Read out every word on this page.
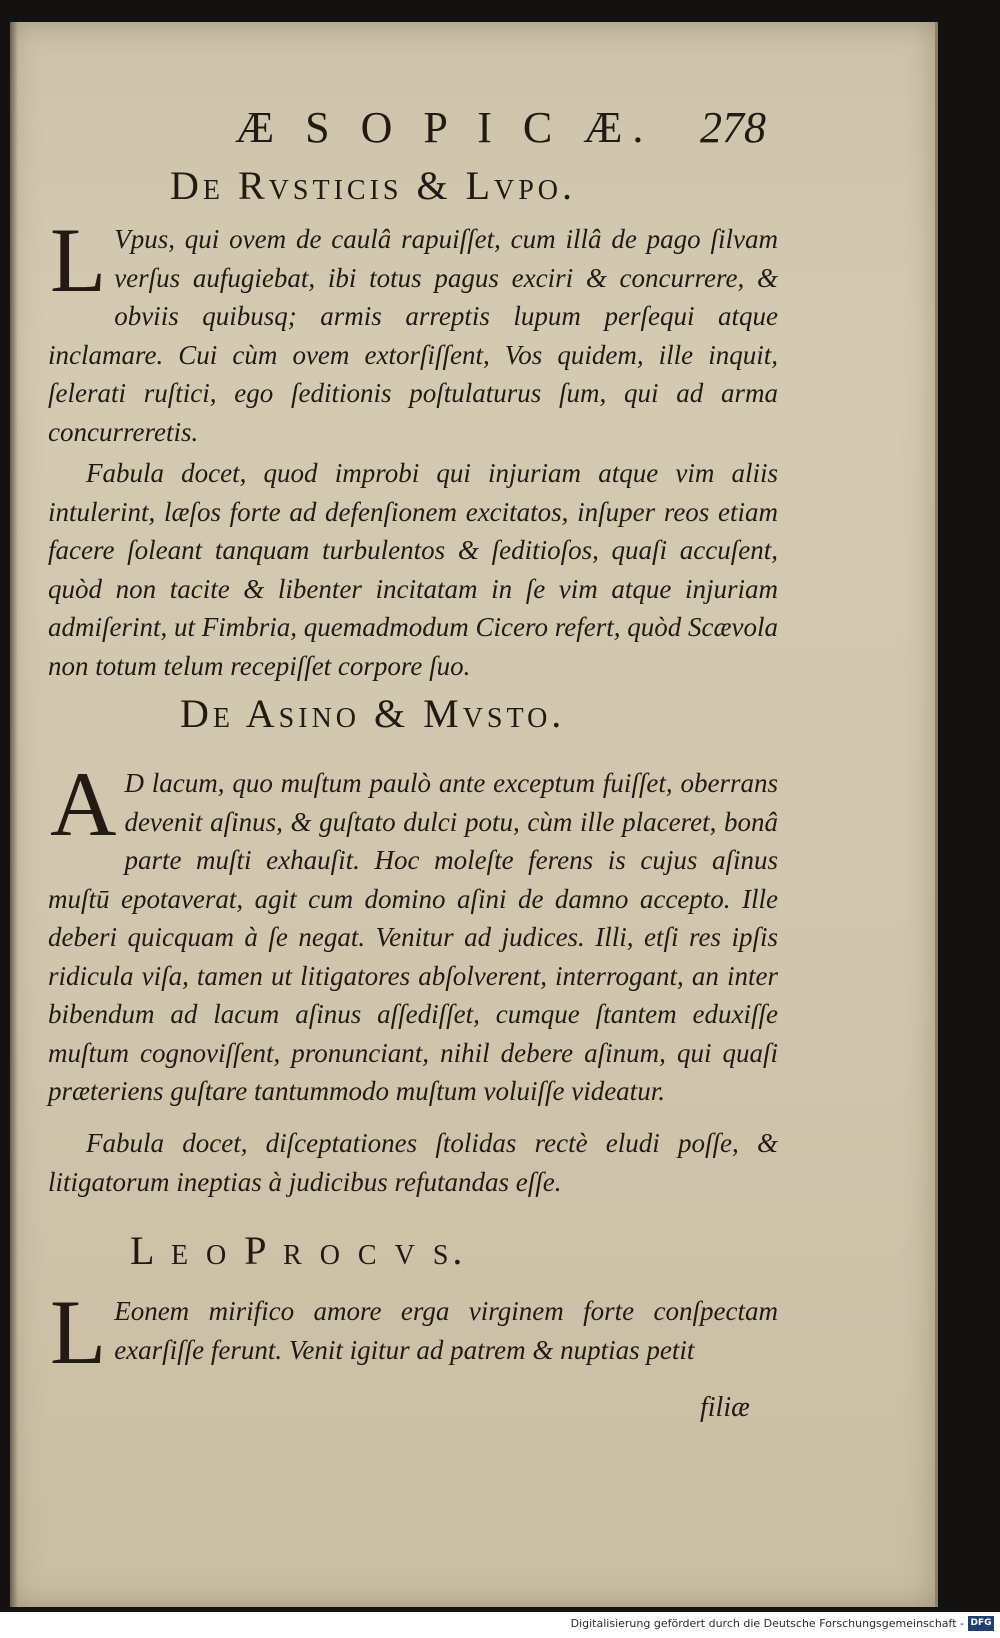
Æ S O P I C Æ. 278
De Rvsticis & Lvpo.
L Vpus, qui ovem de caulâ rapuiſſet, cum illâ de pago ſilvam verſus aufugiebat, ibi totus pagus exciri & concurrere, & obviis quibusq; armis arreptis lupum perſequi atque inclamare. Cui cùm ovem extorſiſſent, Vos quidem, ille inquit, ſelerati ruſtici, ego ſeditionis poſtulaturus ſum, qui ad arma concurreretis.
Fabula docet, quod improbi qui injuriam atque vim aliis intulerint, læſos forte ad defenſionem excitatos, inſuper reos etiam facere ſoleant tanquam turbulentos & ſeditioſos, quaſi accuſent, quòd non tacite & libenter incitatam in ſe vim atque injuriam admiſerint, ut Fimbria, quemadmodum Cicero refert, quòd Scævola non totum telum recepiſſet corpore ſuo.
De Asino & Mvsto.
A D lacum, quo muſtum paulò ante exceptum fuiſſet, oberrans devenit aſinus, & guſtato dulci potu, cùm ille placeret, bonâ parte muſti exhauſit. Hoc moleſte ferens is cujus aſinus muſtū epotaverat, agit cum domino aſini de damno accepto. Ille deberi quicquam à ſe negat. Venitur ad judices. Illi, etſi res ipſis ridicula viſa, tamen ut litigatores abſolverent, interrogant, an inter bibendum ad lacum aſinus aſſediſſet, cumque ſtantem eduxiſſe muſtum cognoviſſent, pronunciant, nihil debere aſinum, qui quaſi præteriens guſtare tantummodo muſtum voluiſſe videatur.
Fabula docet, diſceptationes ſtolidas rectè eludi poſſe, & litigatorum ineptias à judicibus refutandas eſſe.
L e o P r o c v s.
L Eonem mirifico amore erga virginem forte conſpectam exarſiſſe ferunt. Venit igitur ad patrem & nuptias petit
filiæ
Digitalisierung gefördert durch die Deutsche Forschungsgemeinschaft - DFG
